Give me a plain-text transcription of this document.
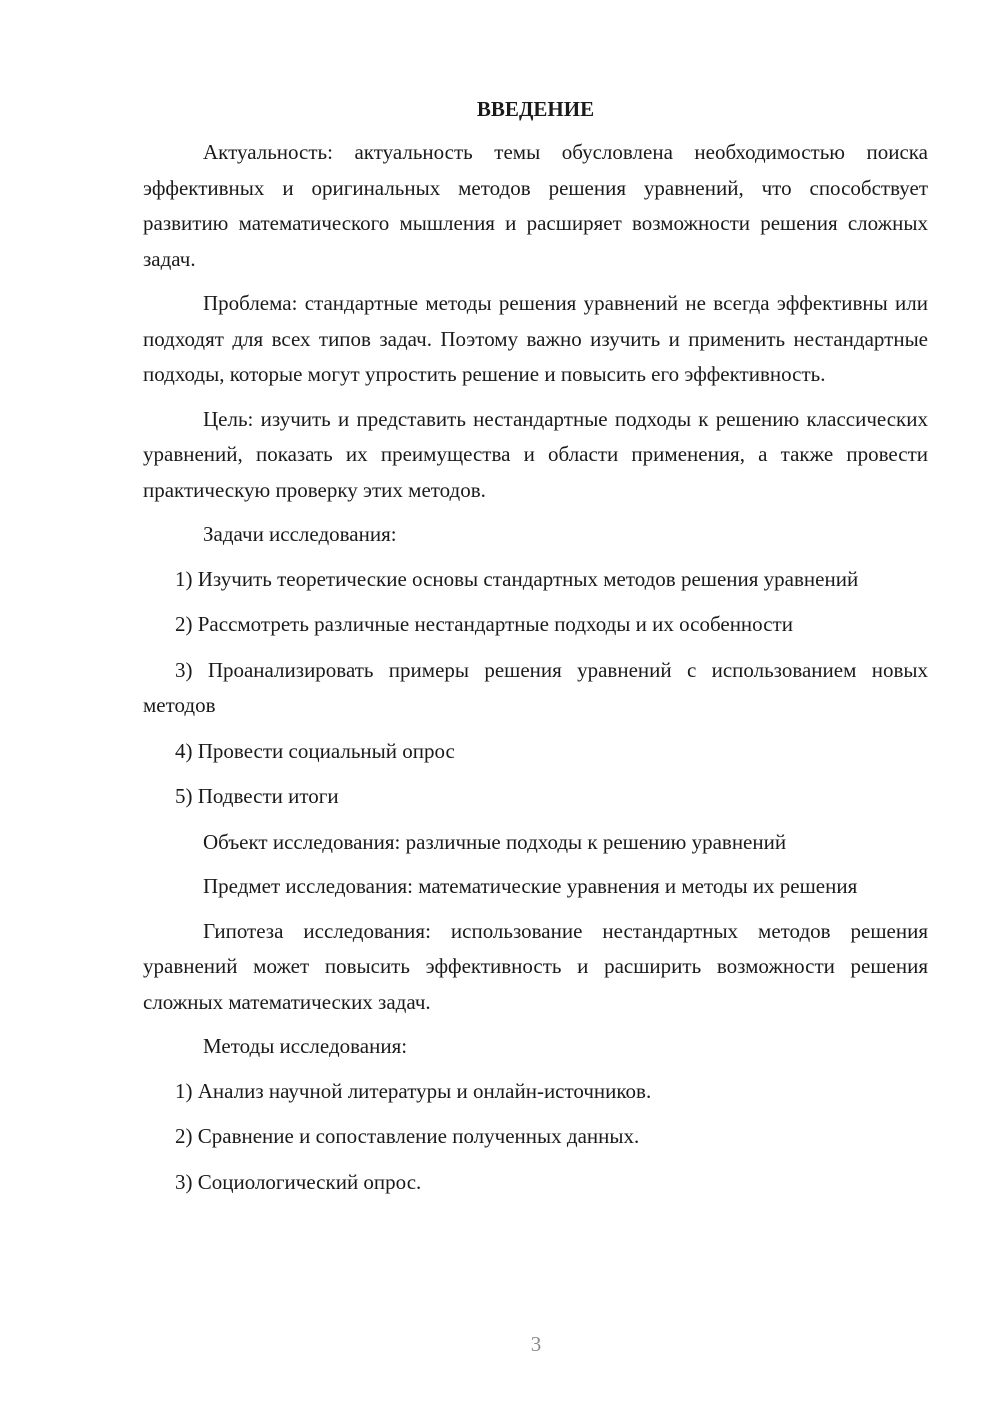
ВВЕДЕНИЕ

Актуальность: актуальность темы обусловлена необходимостью поиска эффективных и оригинальных методов решения уравнений, что способствует развитию математического мышления и расширяет возможности решения сложных задач.

Проблема: стандартные методы решения уравнений не всегда эффективны или подходят для всех типов задач. Поэтому важно изучить и применить нестандартные подходы, которые могут упростить решение и повысить его эффективность.

Цель: изучить и представить нестандартные подходы к решению классических уравнений, показать их преимущества и области применения, а также провести практическую проверку этих методов.

Задачи исследования:

1) Изучить теоретические основы стандартных методов решения уравнений

2) Рассмотреть различные нестандартные подходы и их особенности

3) Проанализировать примеры решения уравнений с использованием новых методов

4) Провести социальный опрос

5) Подвести итоги

Объект исследования: различные подходы к решению уравнений

Предмет исследования: математические уравнения и методы их решения

Гипотеза исследования: использование нестандартных методов решения уравнений может повысить эффективность и расширить возможности решения сложных математических задач.

Методы исследования:

1) Анализ научной литературы и онлайн-источников.

2) Сравнение и сопоставление полученных данных.

3) Социологический опрос.

3
